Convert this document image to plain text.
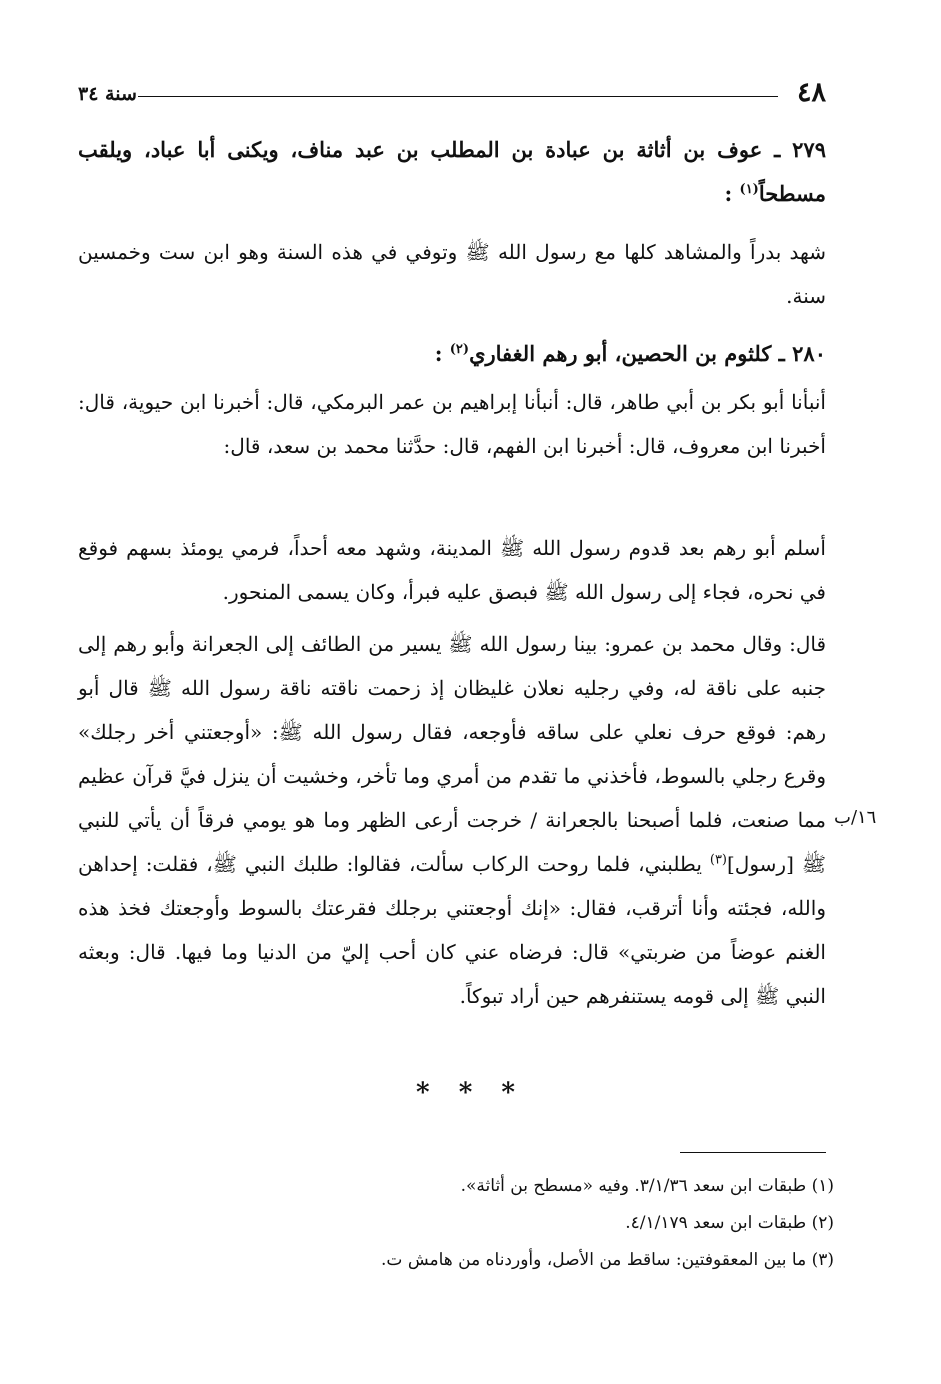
٤٨
سنة ٣٤

٢٧٩ ـ عوف بن أثاثة بن عبادة بن المطلب بن عبد مناف، ويكنى أبا عباد، ويلقب مسطحاً$^{(١)}$ :

شهد بدراً والمشاهد كلها مع رسول الله ﷺ وتوفي في هذه السنة وهو ابن ست وخمسين سنة.

٢٨٠ ـ كلثوم بن الحصين، أبو رهم الغفاري$^{(٢)}$ :

أنبأنا أبو بكر بن أبي طاهر، قال: أنبأنا إبراهيم بن عمر البرمكي، قال: أخبرنا ابن حيوية، قال: أخبرنا ابن معروف، قال: أخبرنا ابن الفهم، قال: حدَّثنا محمد بن سعد، قال:

أسلم أبو رهم بعد قدوم رسول الله ﷺ المدينة، وشهد معه أحداً، فرمي يومئذ بسهم فوقع في نحره، فجاء إلى رسول الله ﷺ فبصق عليه فبرأ، وكان يسمى المنحور.

قال: وقال محمد بن عمرو: بينا رسول الله ﷺ يسير من الطائف إلى الجعرانة وأبو رهم إلى جنبه على ناقة له، وفي رجليه نعلان غليظان إذ زحمت ناقته ناقة رسول الله ﷺ قال أبو رهم: فوقع حرف نعلي على ساقه فأوجعه، فقال رسول الله ﷺ: «أوجعتني أخر رجلك» وقرع رجلي بالسوط، فأخذني ما تقدم من أمري وما تأخر، وخشيت أن ينزل فيَّ قرآن عظيم مما صنعت، فلما أصبحنا بالجعرانة / خرجت أرعى الظهر وما هو يومي فرقاً أن يأتي للنبي ﷺ [رسول]$^{(٣)}$ يطلبني، فلما روحت الركاب سألت، فقالوا: طلبك النبي ﷺ، فقلت: إحداهن والله، فجئته وأنا أترقب، فقال: «إنك أوجعتني برجلك فقرعتك بالسوط وأوجعتك فخذ هذه الغنم عوضاً من ضربتي» قال: فرضاه عني كان أحب إليّ من الدنيا وما فيها. قال: وبعثه النبي ﷺ إلى قومه يستنفرهم حين أراد تبوكاً.

١٦/ب
* * *

(١) طبقات ابن سعد ٣/١/٣٦. وفيه «مسطح بن أثاثة».

(٢) طبقات ابن سعد ٤/١/١٧٩.

(٣) ما بين المعقوفتين: ساقط من الأصل، وأوردناه من هامش ت.
